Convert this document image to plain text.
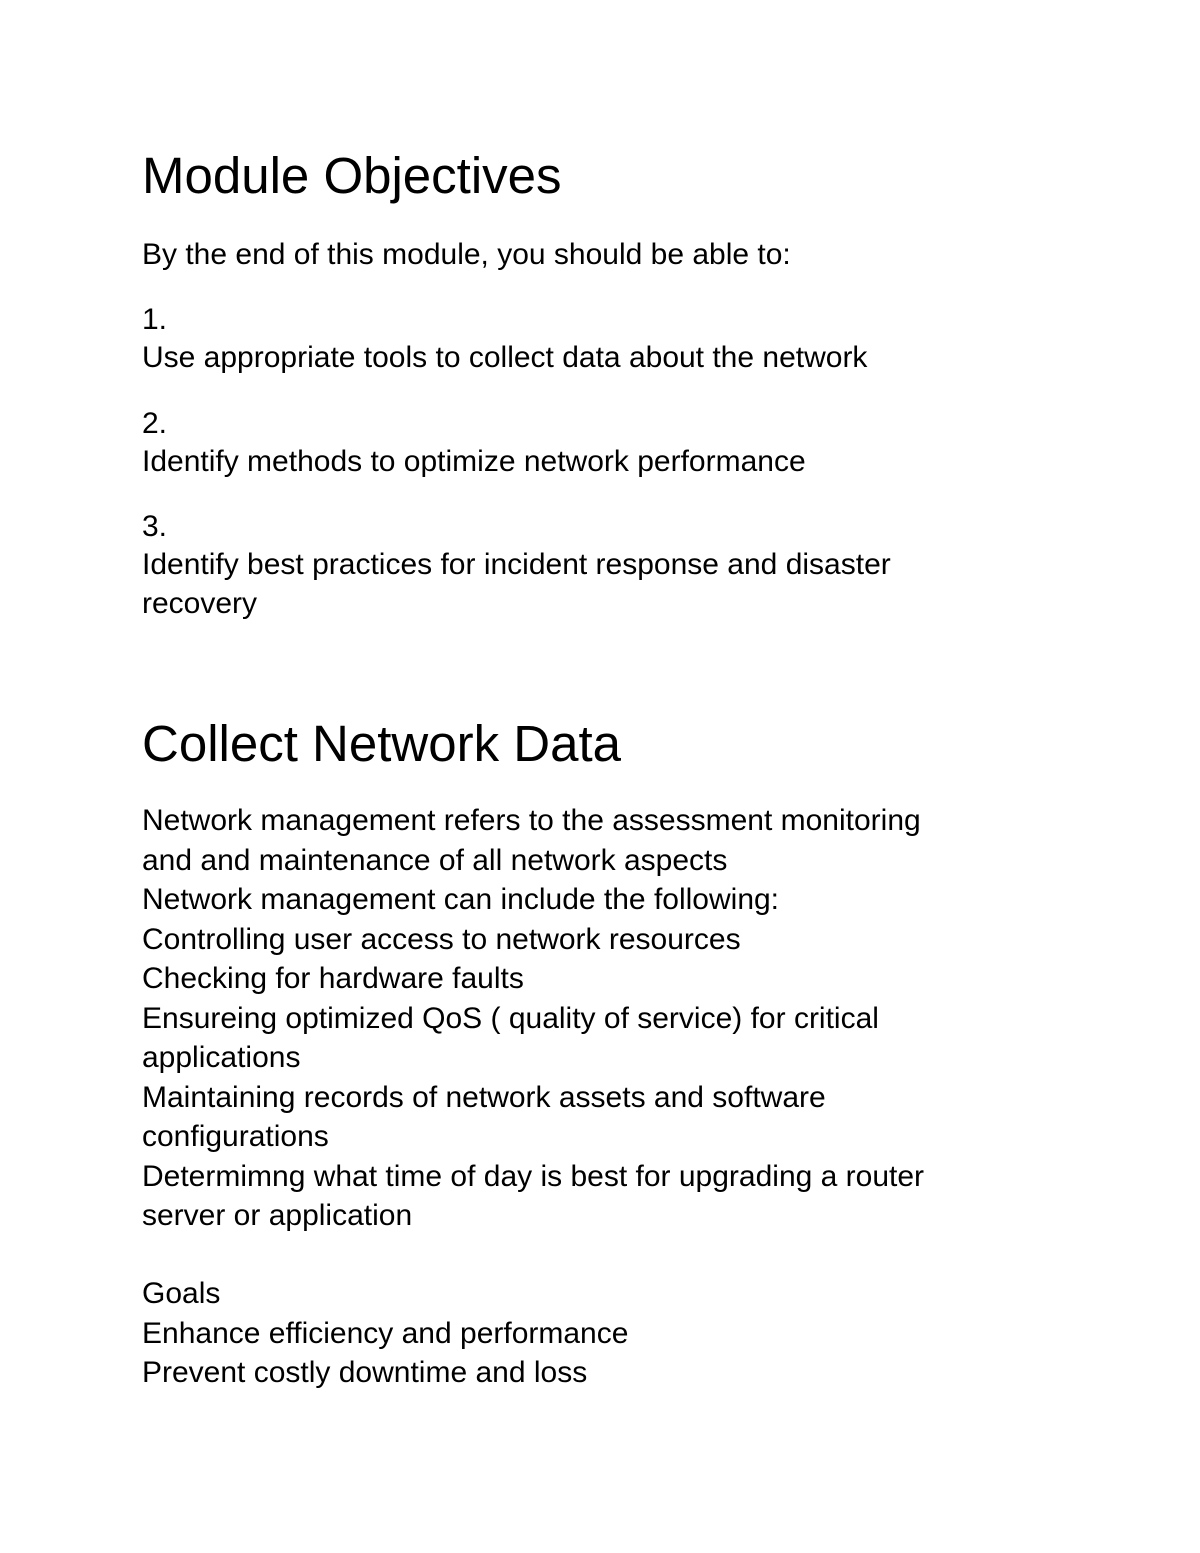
Module Objectives

By the end of this module, you should be able to:

1.

Use appropriate tools to collect data about the network

2.

Identify methods to optimize network performance

3.

Identify best practices for incident response and disaster

recovery

Collect Network Data

Network management refers to the assessment monitoring

and and maintenance of all network aspects

Network management can include the following:

Controlling user access to network resources

Checking for hardware faults

Ensureing optimized QoS ( quality of service) for critical

applications

Maintaining records of network assets and software

configurations

Determimng what time of day is best for upgrading a router

server or application

Goals

Enhance efficiency and performance

Prevent costly downtime and loss
